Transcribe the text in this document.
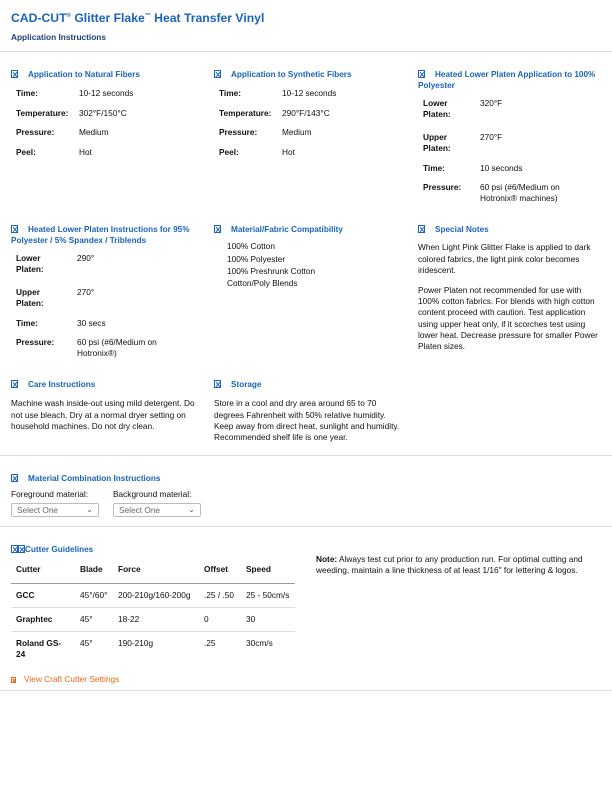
CAD-CUT® Glitter Flake™ Heat Transfer Vinyl
Application Instructions
Application to Natural Fibers
Time:	10-12 seconds
Temperature: 302°F/150°C
Pressure:	Medium
Peel:	Hot
Application to Synthetic Fibers
Time:	10-12 seconds
Temperature: 290°F/143°C
Pressure:	Medium
Peel:	Hot
Heated Lower Platen Application to 100% Polyester
Lower Platen:
320°F
Upper Platen:
270°F
Time:	10 seconds
Pressure: 60 psi (#6/Medium on Hotronix® machines)
Heated Lower Platen Instructions for 95% Polyester / 5% Spandex / Triblends
Lower Platen:
290°
Upper Platen:
270°
Time:	30 secs
Pressure:	60 psi (#6/Medium on Hotronix®)
Material/Fabric Compatibility
100% Cotton
100% Polyester
100% Preshrunk Cotton
Cotton/Poly Blends
Special Notes
When Light Pink Glitter Flake is applied to dark colored fabrics, the light pink color becomes iridescent.
Power Platen not recommended for use with 100% cotton fabrics. For blends with high cotton content proceed with caution. Test application using upper heat only, if it scorches test using lower heat. Decrease pressure for smaller Power Platen sizes.
Care Instructions
Machine wash inside-out using mild detergent. Do not use bleach. Dry at a normal dryer setting on household machines. Do not dry clean.
Storage
Store in a cool and dry area around 65 to 70 degrees Fahrenheit with 50% relative humidity. Keep away from direct heat, sunlight and humidity. Recommended shelf life is one year.
Material Combination Instructions
Foreground material:
Select One	⌄
Background material:
Select One	⌄
Cutter Guidelines
Cutter	Blade	Force	Offset	Speed
GCC	45°/60°	200-210g/160-200g	.25 / .50	25 - 50cm/s
Graphtec	45°	18-22	0	30
Roland GS-24	45°	190-210g	.25	30cm/s
View Craft Cutter Settings
Note: Always test cut prior to any production run. For optimal cutting and weeding, maintain a line thickness of at least 1/16" for lettering & logos.
